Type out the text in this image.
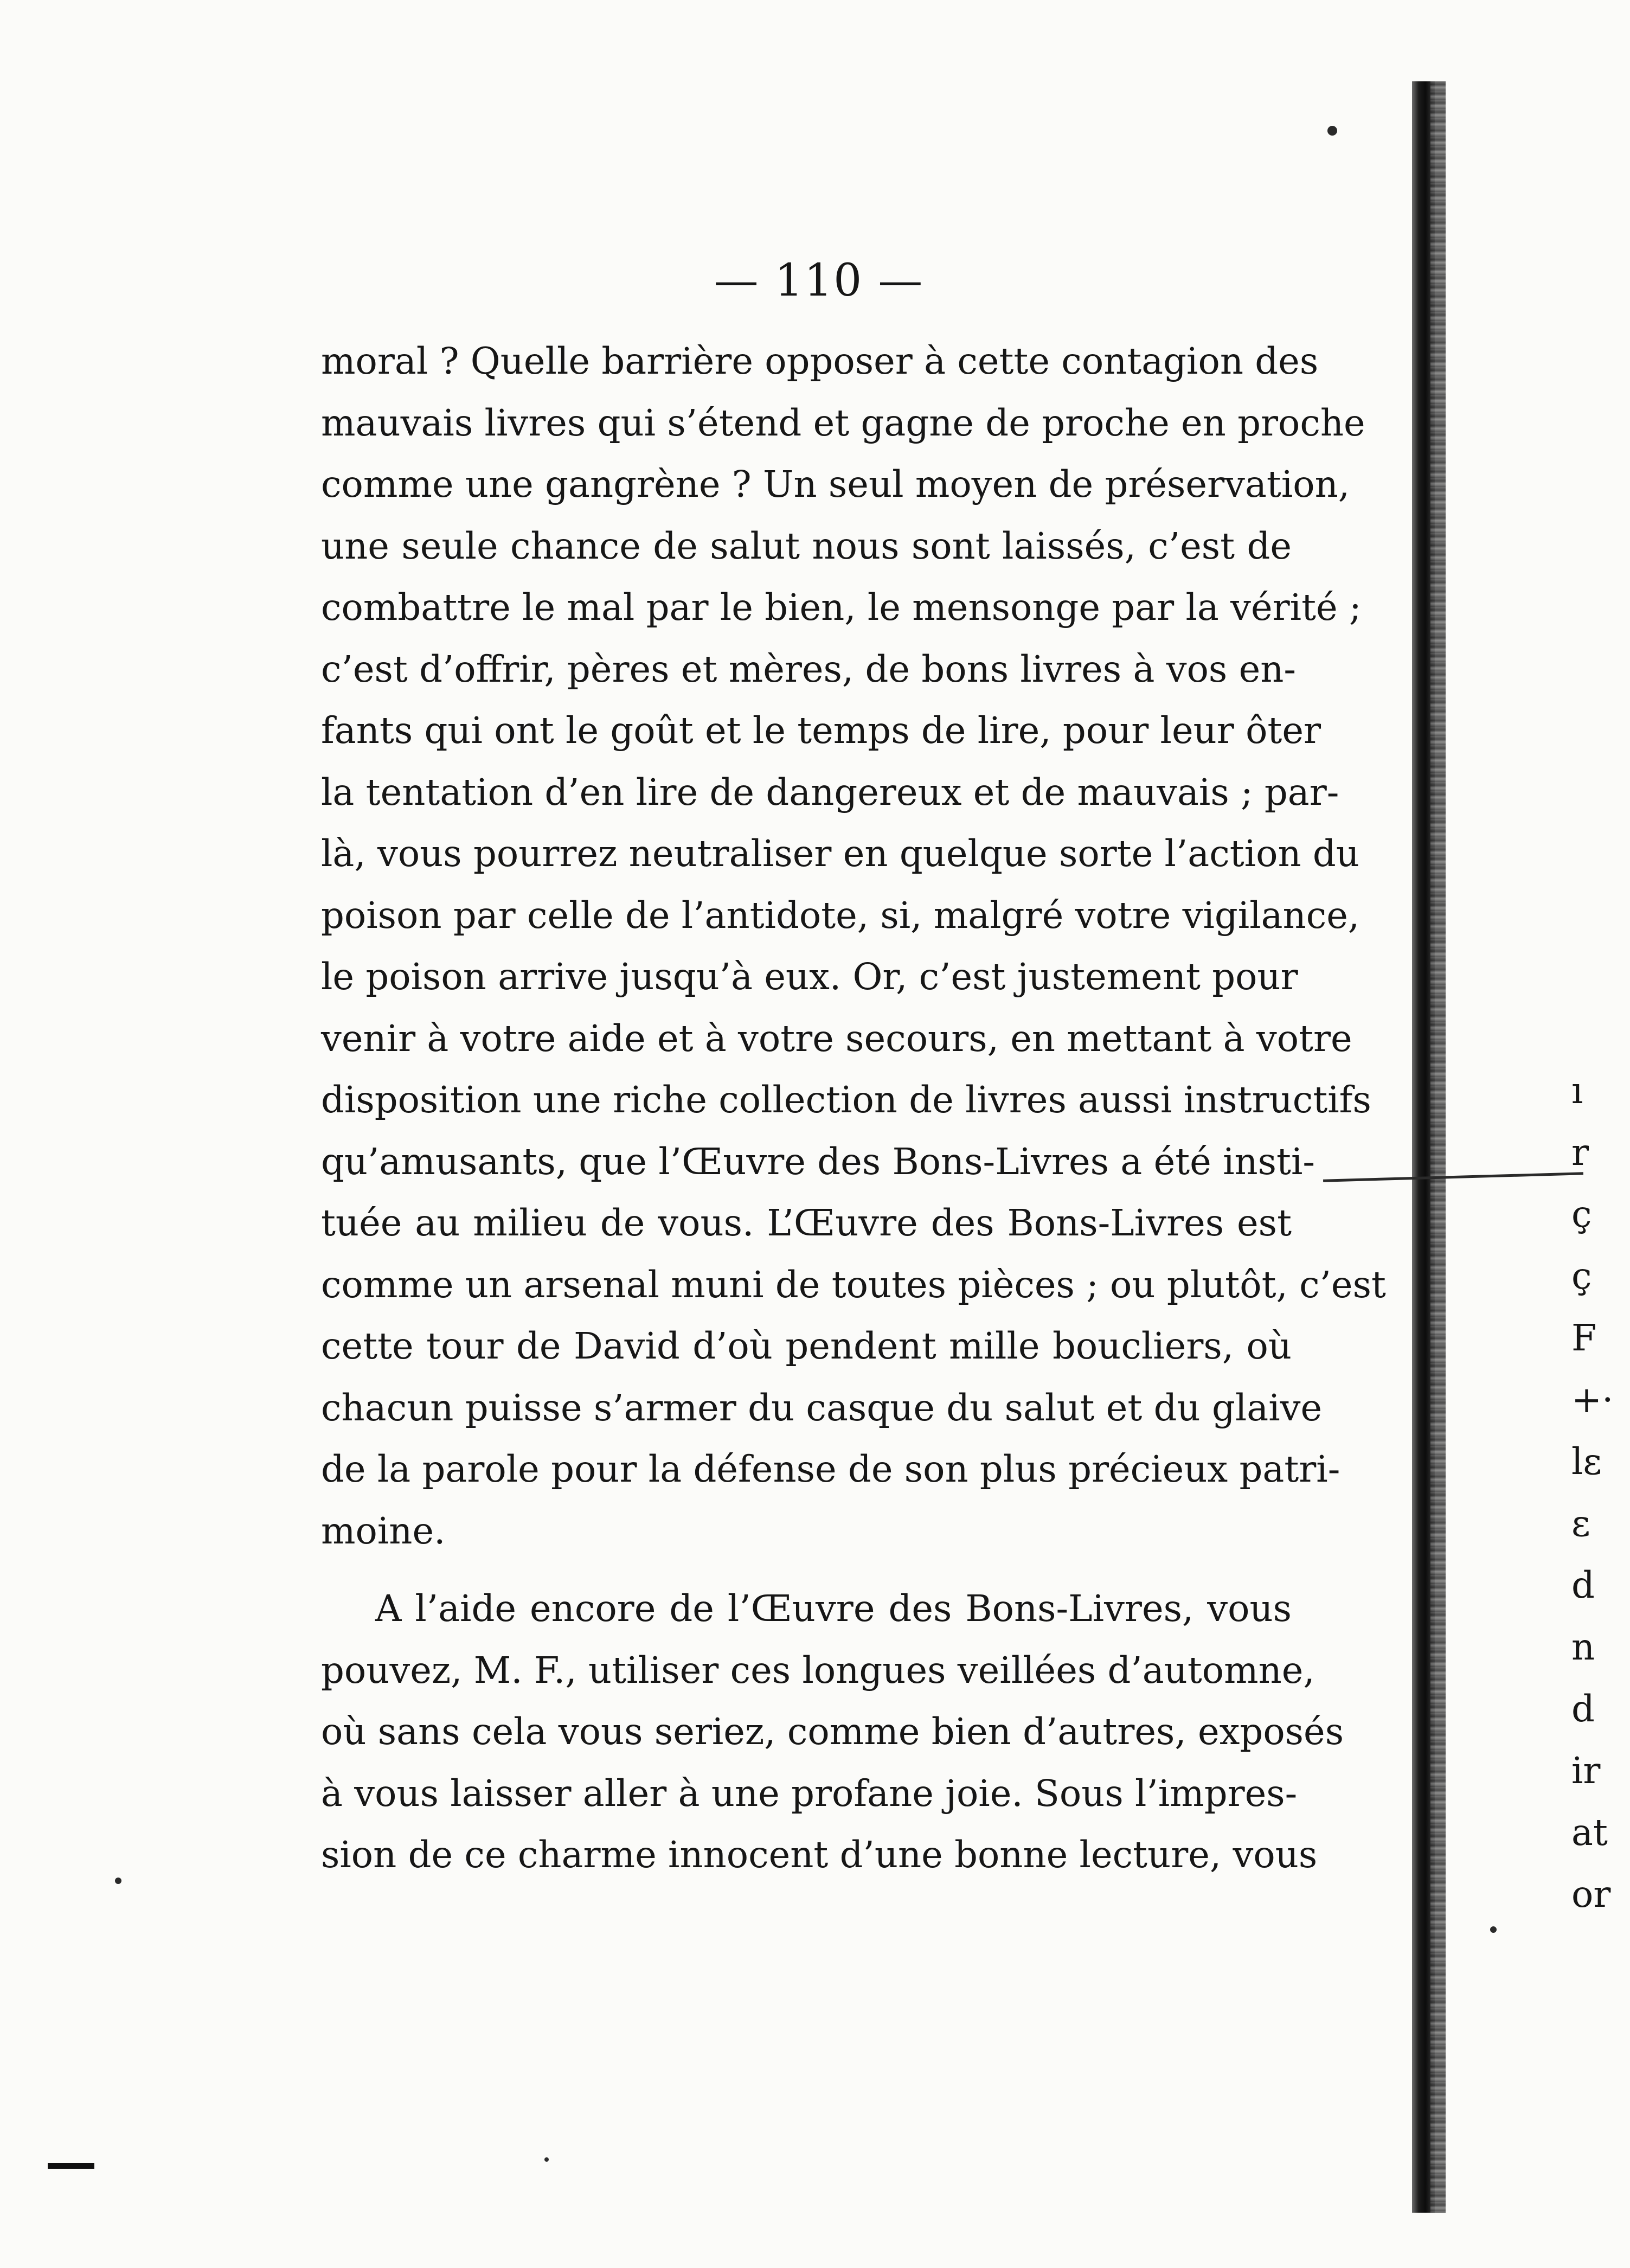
— 110 —
moral ? Quelle barrière opposer à cette contagion des
mauvais livres qui s’étend et gagne de proche en proche
comme une gangrène ? Un seul moyen de préservation,
une seule chance de salut nous sont laissés, c’est de
combattre le mal par le bien, le mensonge par la vérité ;
c’est d’offrir, pères et mères, de bons livres à vos en-
fants qui ont le goût et le temps de lire, pour leur ôter
la tentation d’en lire de dangereux et de mauvais ; par-
là, vous pourrez neutraliser en quelque sorte l’action du
poison par celle de l’antidote, si, malgré votre vigilance,
le poison arrive jusqu’à eux. Or, c’est justement pour
venir à votre aide et à votre secours, en mettant à votre
disposition une riche collection de livres aussi instructifs
qu’amusants, que l’Œuvre des Bons-Livres a été insti-
tuée au milieu de vous. L’Œuvre des Bons-Livres est
comme un arsenal muni de toutes pièces ; ou plutôt, c’est
cette tour de David d’où pendent mille boucliers, où
chacun puisse s’armer du casque du salut et du glaive
de la parole pour la défense de son plus précieux patri-
moine.
A l’aide encore de l’Œuvre des Bons-Livres, vous
pouvez, M. F., utiliser ces longues veillées d’automne,
où sans cela vous seriez, comme bien d’autres, exposés
à vous laisser aller à une profane joie. Sous l’impres-
sion de ce charme innocent d’une bonne lecture, vous
ı
r
ç
ç
F
+·
lε
ε
d
n
d
ir
at
or
